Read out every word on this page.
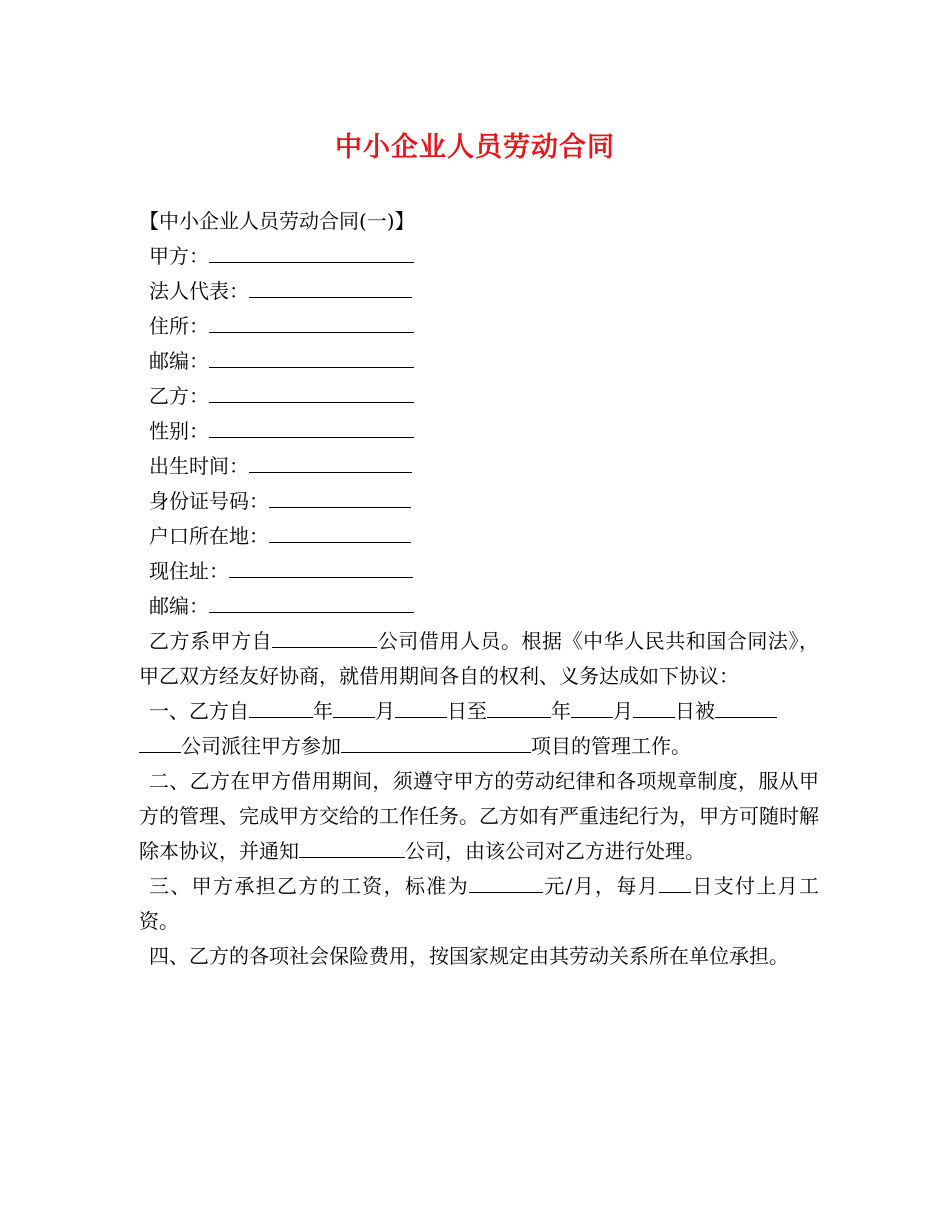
中小企业人员劳动合同
【中小企业人员劳动合同(一)】
甲方：
法人代表：
住所：
邮编：
乙方：
性别：
出生时间：
身份证号码：
户口所在地：
现住址：
邮编：
乙方系甲方自	公司借用人员。根据《中华人民共和国合同法》，甲乙双方经友好协商，就借用期间各自的权利、义务达成如下协议：
一、乙方自	年 月	日至	年 月 日被
公司派往甲方参加	项目的管理工作。
二、乙方在甲方借用期间，须遵守甲方的劳动纪律和各项规章制度，服从甲方的管理、完成甲方交给的工作任务。乙方如有严重违纪行为，甲方可随时解除本协议，并通知	公司，由该公司对乙方进行处理。
三、甲方承担乙方的工资，标准为	元/月，每月 日支付上月工资。
四、乙方的各项社会保险费用，按国家规定由其劳动关系所在单位承担。
